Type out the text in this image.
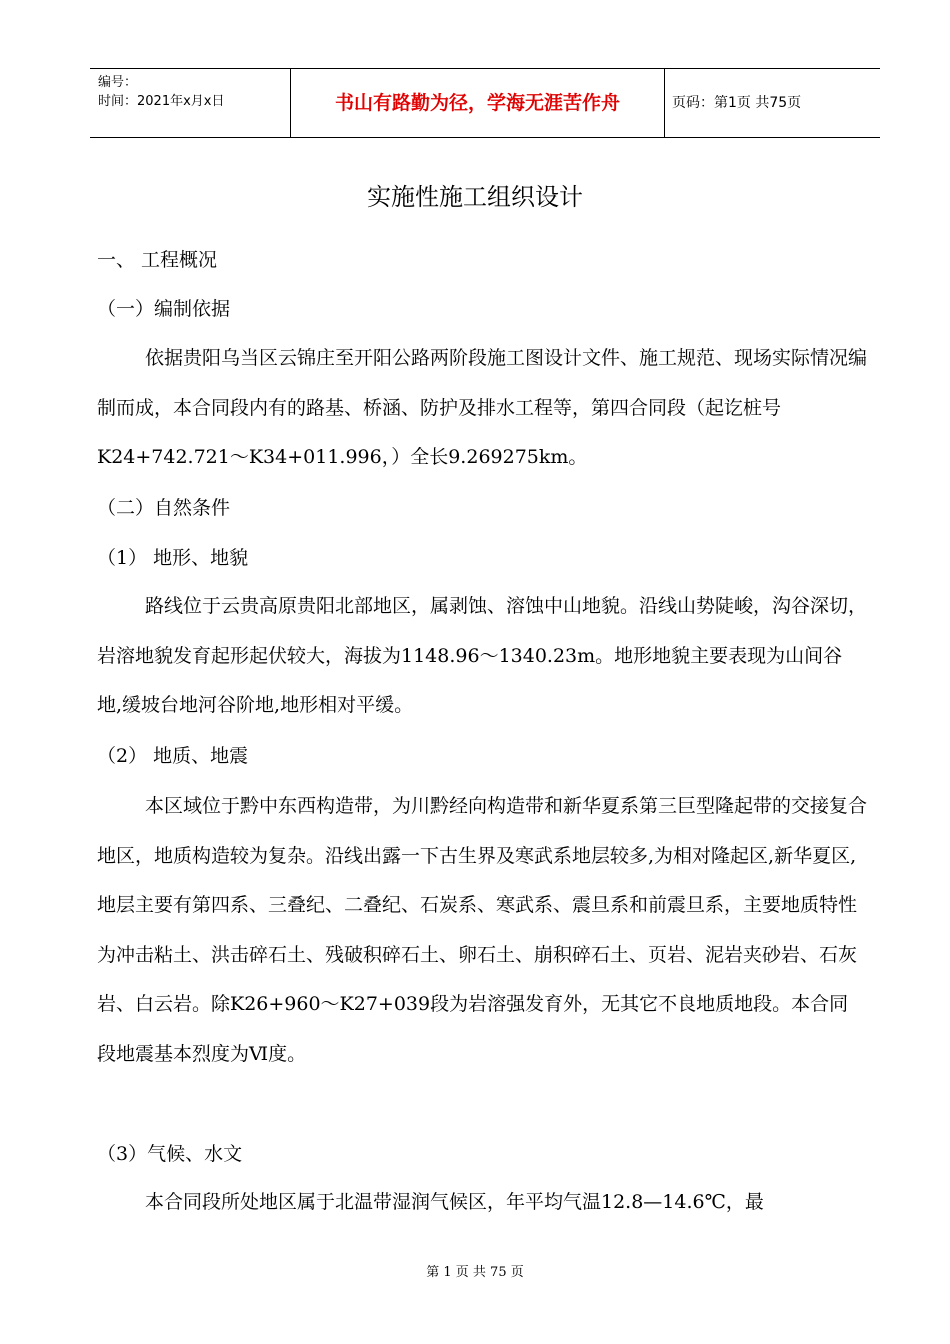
编号：
时间：2021年x月x日	书山有路勤为径，学海无涯苦作舟	页码：第1页 共75页
实施性施工组织设计
一、 工程概况
（一）编制依据
依据贵阳乌当区云锦庄至开阳公路两阶段施工图设计文件、施工规范、现场实际情况编制而成，本合同段内有的路基、桥涵、防护及排水工程等，第四合同段（起讫桩号K24+742.721～K34+011.996，）全长9.269275km。
（二）自然条件
（1） 地形、地貌
路线位于云贵高原贵阳北部地区，属剥蚀、溶蚀中山地貌。沿线山势陡峻，沟谷深切，岩溶地貌发育起形起伏较大，海拔为1148.96～1340.23m。地形地貌主要表现为山间谷地,缓坡台地河谷阶地,地形相对平缓。
（2） 地质、地震
本区域位于黔中东西构造带，为川黔经向构造带和新华夏系第三巨型隆起带的交接复合地区，地质构造较为复杂。沿线出露一下古生界及寒武系地层较多,为相对隆起区,新华夏区,地层主要有第四系、三叠纪、二叠纪、石炭系、寒武系、震旦系和前震旦系，主要地质特性为冲击粘土、洪击碎石土、残破积碎石土、卵石土、崩积碎石土、页岩、泥岩夹砂岩、石灰岩、白云岩。除K26+960～K27+039段为岩溶强发育外，无其它不良地质地段。本合同段地震基本烈度为Ⅵ度。
（3）气候、水文
本合同段所处地区属于北温带湿润气候区，年平均气温12.8—14.6℃，最
第 1 页 共 75 页
